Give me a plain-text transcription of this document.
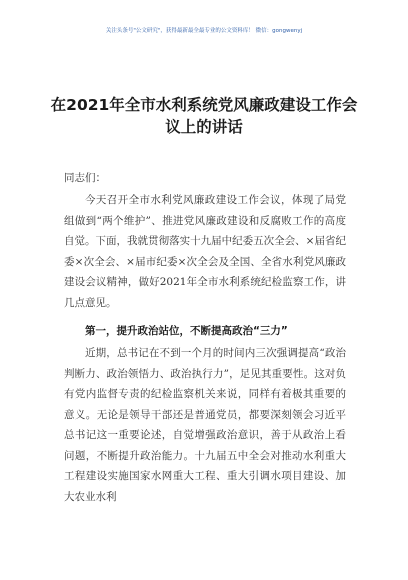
关注头条号"公文研究"，获得最新最全最专业的公文资料库！ 微信：gongwenyj
在2021年全市水利系统党风廉政建设工作会议上的讲话
同志们：

今天召开全市水利党风廉政建设工作会议，体现了局党组做到“两个维护”、推进党风廉政建设和反腐败工作的高度自觉。下面，我就贯彻落实十九届中纪委五次全会、×届省纪委×次全会、×届市纪委×次全会及全国、全省水利党风廉政建设会议精神，做好2021年全市水利系统纪检监察工作，讲几点意见。

第一，提升政治站位，不断提高政治“三力”

近期，总书记在不到一个月的时间内三次强调提高“政治判断力、政治领悟力、政治执行力”，足见其重要性。这对负有党内监督专责的纪检监察机关来说，同样有着极其重要的意义。无论是领导干部还是普通党员，都要深刻领会习近平总书记这一重要论述，自觉增强政治意识，善于从政治上看问题，不断提升政治能力。十九届五中全会对推动水利重大工程建设实施国家水网重大工程、重大引调水项目建设、加大农业水利
